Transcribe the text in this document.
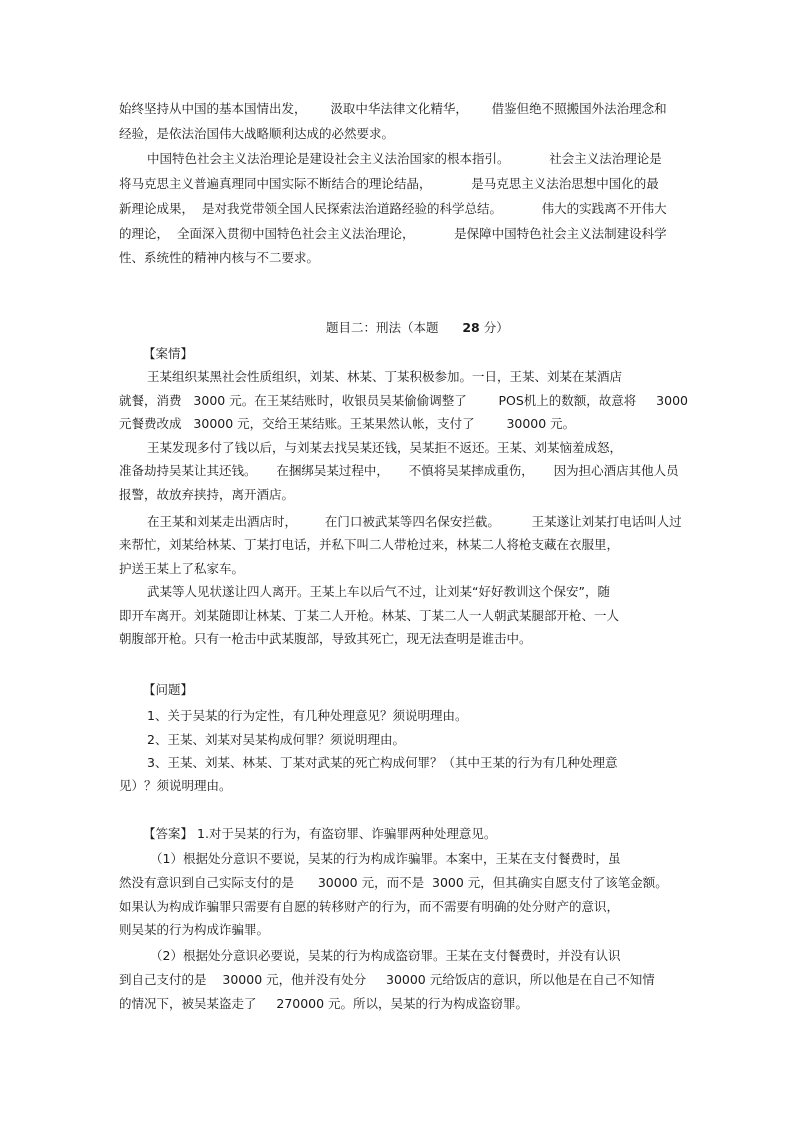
始终坚持从中国的基本国情出发，      汲取中华法律文化精华，      借鉴但绝不照搬国外法治理念和
经验，是依法治国伟大战略顺利达成的必然要求。
中国特色社会主义法治理论是建设社会主义法治国家的根本指引。          社会主义法治理论是
将马克思主义普遍真理同中国实际不断结合的理论结晶，          是马克思主义法治思想中国化的最
新理论成果，  是对我党带领全国人民探索法治道路经验的科学总结。          伟大的实践离不开伟大
的理论，  全面深入贯彻中国特色社会主义法治理论，          是保障中国特色社会主义法制建设科学
性、系统性的精神内核与不二要求。
题目二：刑法（本题 28 分）
【案情】
王某组织某黑社会性质组织，刘某、林某、丁某积极参加。一日，王某、刘某在某酒店
就餐，消费   3000 元。在王某结账时，收银员吴某偷偷调整了        POS机上的数额，故意将     3000
元餐费改成   30000 元，交给王某结账。王某果然认帐，支付了        30000 元。
王某发现多付了钱以后，与刘某去找吴某还钱，吴某拒不返还。王某、刘某恼羞成怒，
准备劫持吴某让其还钱。     在捆绑吴某过程中，     不慎将吴某摔成重伤，     因为担心酒店其他人员
报警，故放弃挟持，离开酒店。
在王某和刘某走出酒店时，       在门口被武某等四名保安拦截。        王某遂让刘某打电话叫人过
来帮忙，刘某给林某、丁某打电话，并私下叫二人带枪过来，林某二人将枪支藏在衣服里，
护送王某上了私家车。
武某等人见状遂让四人离开。王某上车以后气不过，让刘某“好好教训这个保安”，随
即开车离开。刘某随即让林某、丁某二人开枪。林某、丁某二人一人朝武某腿部开枪、一人
朝腹部开枪。只有一枪击中武某腹部，导致其死亡，现无法查明是谁击中。
【问题】
1、关于吴某的行为定性，有几种处理意见？须说明理由。
2、王某、刘某对吴某构成何罪？须说明理由。
3、王某、刘某、林某、丁某对武某的死亡构成何罪？（其中王某的行为有几种处理意
见）？须说明理由。
【答案】 1.对于吴某的行为，有盗窃罪、诈骗罪两种处理意见。
（1）根据处分意识不要说，吴某的行为构成诈骗罪。本案中，王某在支付餐费时，虽
然没有意识到自己实际支付的是      30000 元，而不是  3000 元，但其确实自愿支付了该笔金额。
如果认为构成诈骗罪只需要有自愿的转移财产的行为，而不需要有明确的处分财产的意识，
则吴某的行为构成诈骗罪。
（2）根据处分意识必要说，吴某的行为构成盗窃罪。王某在支付餐费时，并没有认识
到自己支付的是    30000 元，他并没有处分     30000 元给饭店的意识，所以他是在自己不知情
的情况下，被吴某盗走了     270000 元。所以，吴某的行为构成盗窃罪。
